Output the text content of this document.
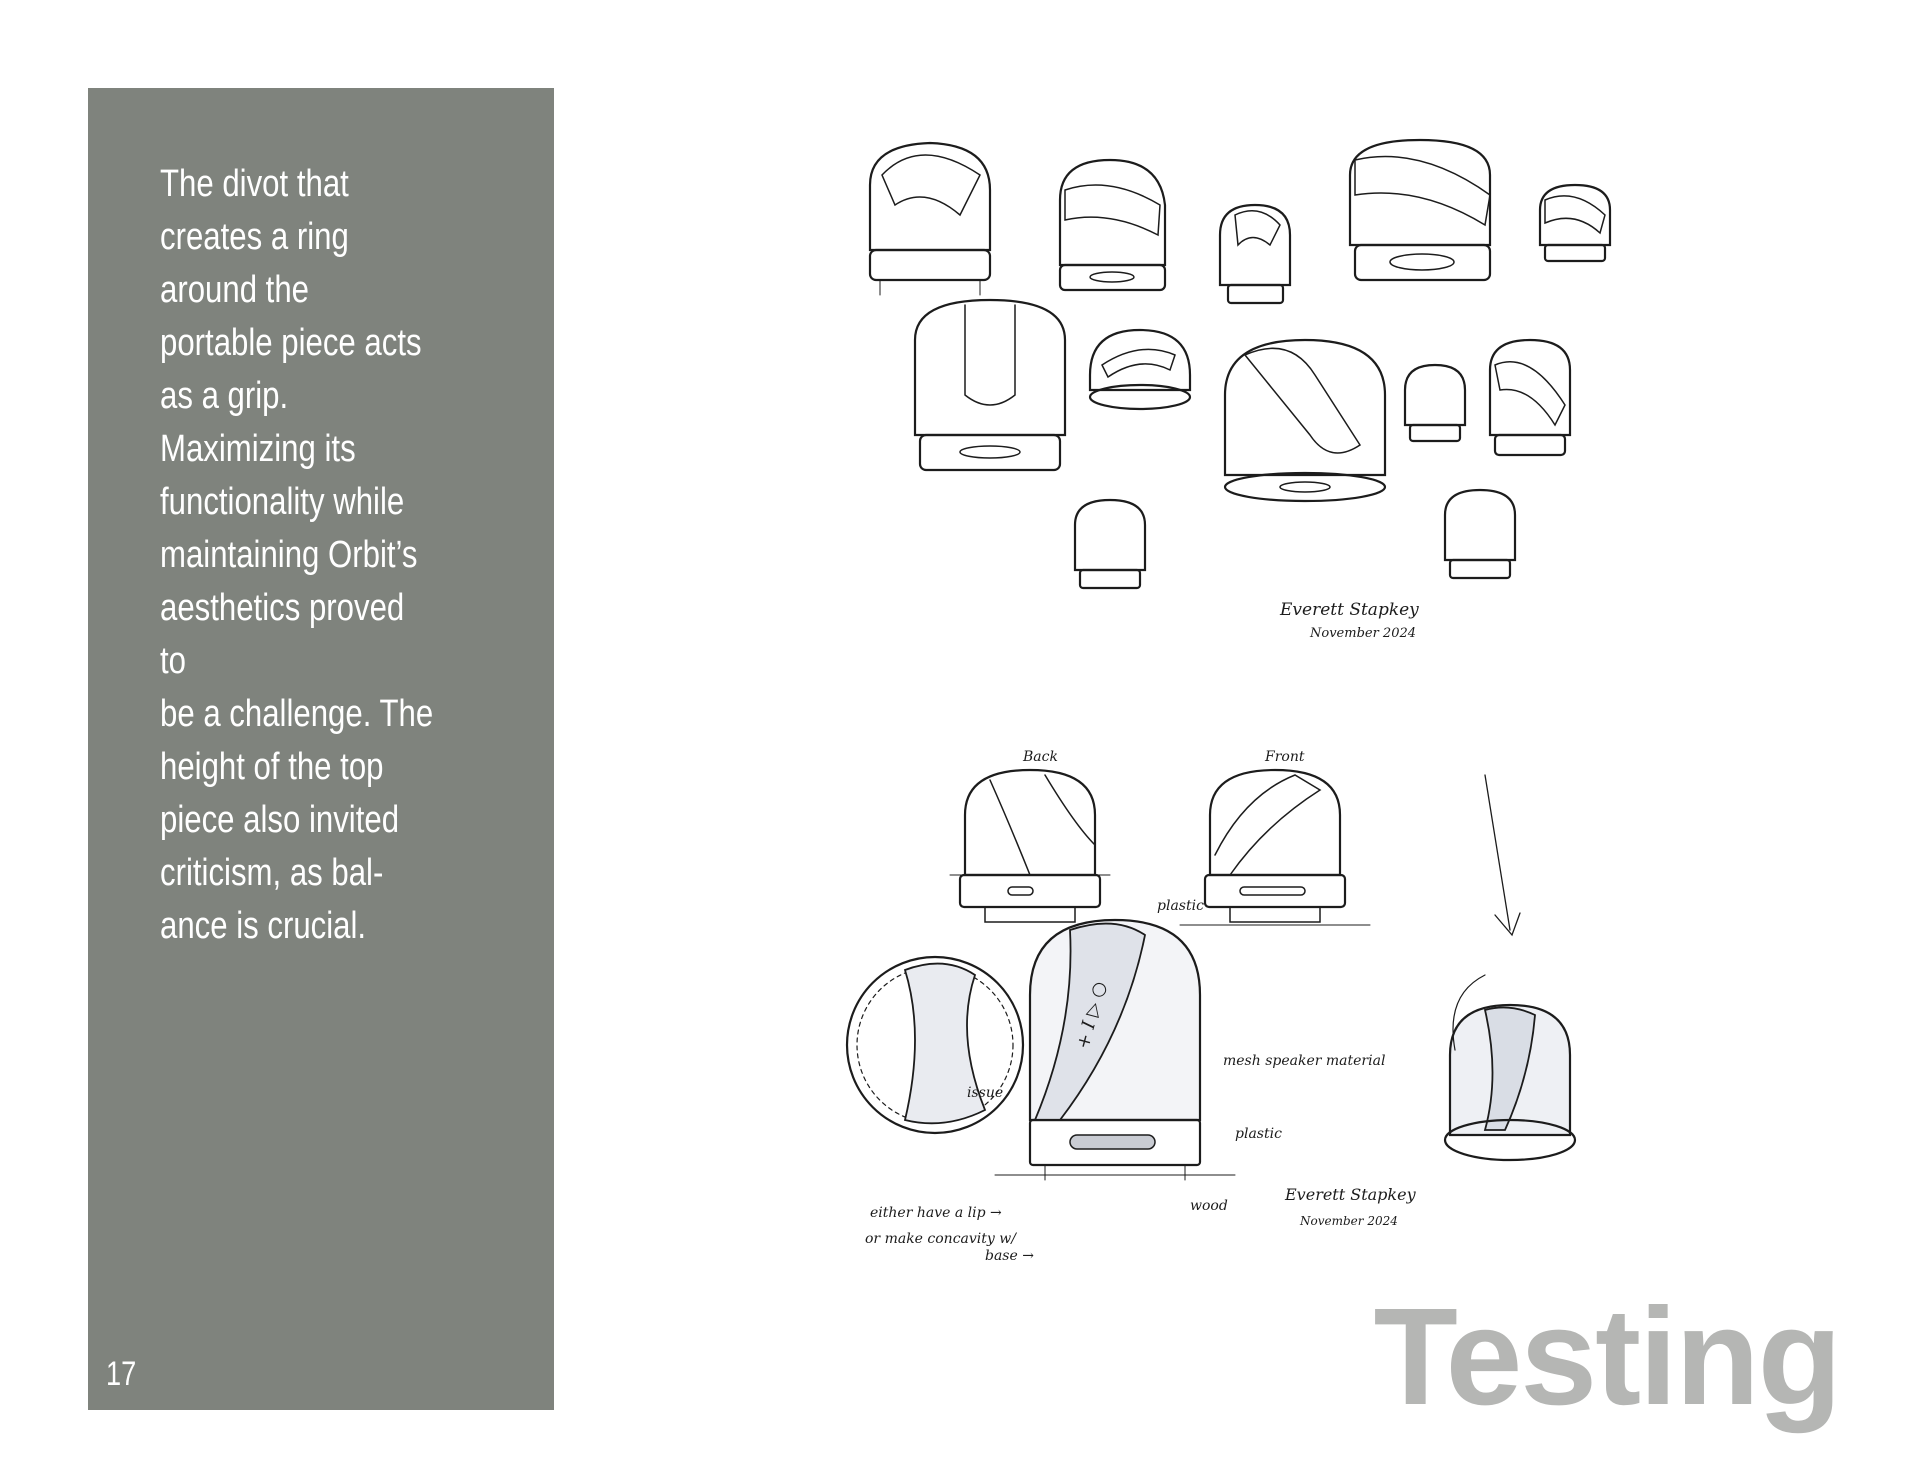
The divot that
creates a ring
around the
portable piece acts
as a grip.
Maximizing its
functionality while
maintaining Orbit’s
aesthetics proved to
be a challenge. The
height of the top
piece also invited
criticism, as bal-
ance is crucial.

17
Everett Stapkey
November 2024
+ I ▷ ○
Back	Front
plastic
mesh speaker material
issue
plastic
wood
either have a lip →
or make concavity w/
base →
Everett Stapkey
November 2024
Testing
